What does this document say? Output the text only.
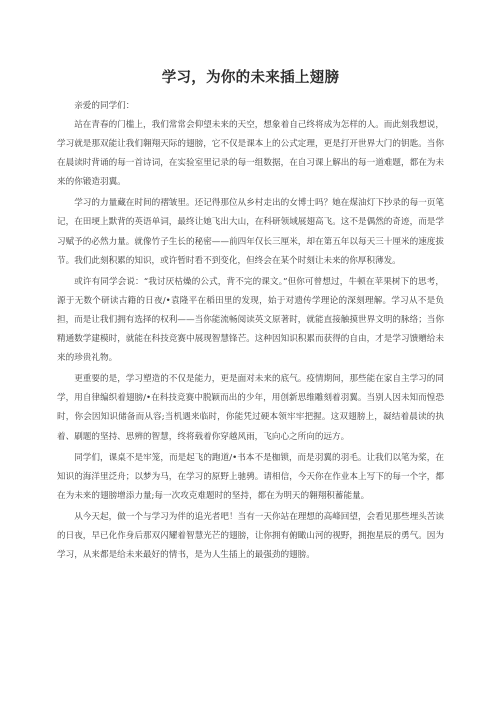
学习，为你的未来插上翅膀

亲爱的同学们：

站在青春的门槛上，我们常常会仰望未来的天空，想象着自己终将成为怎样的人。而此刻我想说，学习就是那双能让我们翱翔天际的翅膀，它不仅是课本上的公式定理，更是打开世界大门的钥匙。当你在晨读时背诵的每一首诗词，在实验室里记录的每一组数据，在自习课上解出的每一道难题，都在为未来的你锻造羽翼。

学习的力量藏在时间的褶皱里。还记得那位从乡村走出的女博士吗？她在煤油灯下抄录的每一页笔记，在田埂上默背的英语单词，最终让她飞出大山，在科研领域展翅高飞。这不是偶然的奇迹，而是学习赋予的必然力量。就像竹子生长的秘密——前四年仅长三厘米，却在第五年以每天三十厘米的速度拔节。我们此刻积累的知识，或许暂时看不到变化，但终会在某个时刻让未来的你厚积薄发。

或许有同学会说：“我讨厌枯燥的公式，背不完的课文。”但你可曾想过，牛顿在苹果树下的思考，源于无数个研读古籍的日夜/•袁隆平在稻田里的发现，始于对遗传学理论的深刻理解。学习从不是负担，而是让我们拥有选择的权利——当你能流畅阅读英文原著时，就能直接触摸世界文明的脉络；当你精通数学建模时，就能在科技竞赛中展现智慧锋芒。这种因知识积累而获得的自由，才是学习馈赠给未来的珍贵礼物。

更重要的是，学习塑造的不仅是能力，更是面对未来的底气。疫情期间，那些能在家自主学习的同学，用自律编织着翅膀/•在科技竞赛中脱颖而出的少年，用创新思维雕刻着羽翼。当别人因未知而惶恐时，你会因知识储备而从容;当机遇来临时，你能凭过硬本领牢牢把握。这双翅膀上，凝结着晨读的执着、刷题的坚持、思辨的智慧，终将载着你穿越风雨，飞向心之所向的远方。

同学们，课桌不是牢笼，而是起飞的跑道/•书本不是枷锁，而是羽翼的羽毛。让我们以笔为桨，在知识的海洋里泛舟；以梦为马，在学习的原野上驰骋。请相信，今天你在作业本上写下的每一个字，都在为未来的翅膀增添力量;每一次攻克难题时的坚持，都在为明天的翱翔积蓄能量。

从今天起，做一个与学习为伴的追光者吧！当有一天你站在理想的高峰回望，会看见那些埋头苦读的日夜，早已化作身后那双闪耀着智慧光芒的翅膀，让你拥有俯瞰山河的视野，拥抱星辰的勇气。因为学习，从来都是给未来最好的情书，是为人生插上的最强劲的翅膀。
